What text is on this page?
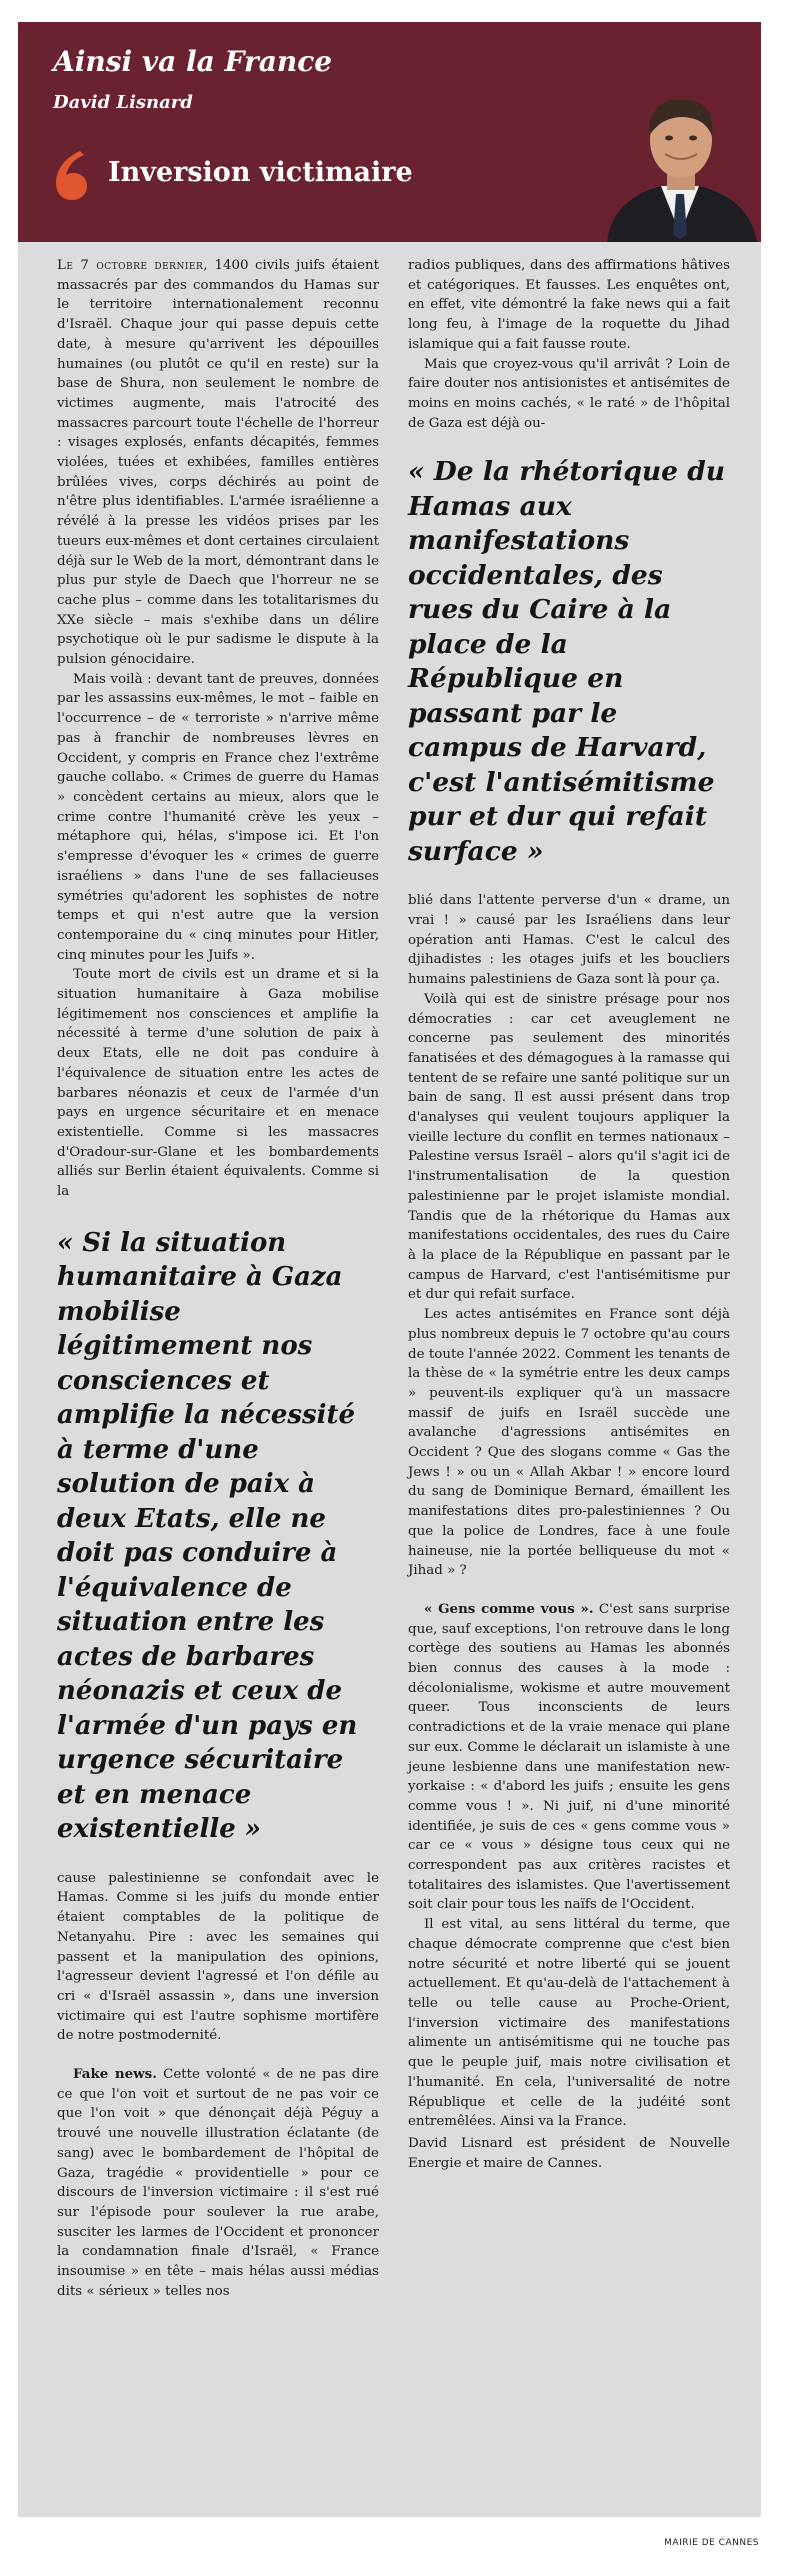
Ainsi va la France
David Lisnard
Inversion victimaire

Le 7 octobre dernier, 1400 civils juifs étaient massacrés par des commandos du Hamas sur le territoire internationalement reconnu d'Israël. Chaque jour qui passe depuis cette date, à mesure qu'arrivent les dépouilles humaines (ou plutôt ce qu'il en reste) sur la base de Shura, non seulement le nombre de victimes augmente, mais l'atrocité des massacres parcourt toute l'échelle de l'horreur : visages explosés, enfants décapités, femmes violées, tuées et exhibées, familles entières brûlées vives, corps déchirés au point de n'être plus identifiables. L'armée israélienne a révélé à la presse les vidéos prises par les tueurs eux-mêmes et dont certaines circulaient déjà sur le Web de la mort, démontrant dans le plus pur style de Daech que l'horreur ne se cache plus – comme dans les totalitarismes du XXe siècle – mais s'exhibe dans un délire psychotique où le pur sadisme le dispute à la pulsion génocidaire.

Mais voilà : devant tant de preuves, données par les assassins eux-mêmes, le mot – faible en l'occurrence – de « terroriste » n'arrive même pas à franchir de nombreuses lèvres en Occident, y compris en France chez l'extrême gauche collabo. « Crimes de guerre du Hamas » concèdent certains au mieux, alors que le crime contre l'humanité crève les yeux – métaphore qui, hélas, s'impose ici. Et l'on s'empresse d'évoquer les « crimes de guerre israéliens » dans l'une de ses fallacieuses symétries qu'adorent les sophistes de notre temps et qui n'est autre que la version contemporaine du « cinq minutes pour Hitler, cinq minutes pour les Juifs ».

Toute mort de civils est un drame et si la situation humanitaire à Gaza mobilise légitimement nos consciences et amplifie la nécessité à terme d'une solution de paix à deux Etats, elle ne doit pas conduire à l'équivalence de situation entre les actes de barbares néonazis et ceux de l'armée d'un pays en urgence sécuritaire et en menace existentielle. Comme si les massacres d'Oradour-sur-Glane et les bombardements alliés sur Berlin étaient équivalents. Comme si la

« Si la situation humanitaire à Gaza mobilise légitimement nos consciences et amplifie la nécessité à terme d'une solution de paix à deux Etats, elle ne doit pas conduire à l'équivalence de situation entre les actes de barbares néonazis et ceux de l'armée d'un pays en urgence sécuritaire et en menace existentielle »

cause palestinienne se confondait avec le Hamas. Comme si les juifs du monde entier étaient comptables de la politique de Netanyahu. Pire : avec les semaines qui passent et la manipulation des opinions, l'agresseur devient l'agressé et l'on défile au cri « d'Israël assassin », dans une inversion victimaire qui est l'autre sophisme mortifère de notre postmodernité.

Fake news. Cette volonté « de ne pas dire ce que l'on voit et surtout de ne pas voir ce que l'on voit » que dénonçait déjà Péguy a trouvé une nouvelle illustration éclatante (de sang) avec le bombardement de l'hôpital de Gaza, tragédie « providentielle » pour ce discours de l'inversion victimaire : il s'est rué sur l'épisode pour soulever la rue arabe, susciter les larmes de l'Occident et prononcer la condamnation finale d'Israël, « France insoumise » en tête – mais hélas aussi médias dits « sérieux » telles nos

radios publiques, dans des affirmations hâtives et catégoriques. Et fausses. Les enquêtes ont, en effet, vite démontré la fake news qui a fait long feu, à l'image de la roquette du Jihad islamique qui a fait fausse route.

Mais que croyez-vous qu'il arrivât ? Loin de faire douter nos antisionistes et antisémites de moins en moins cachés, « le raté » de l'hôpital de Gaza est déjà ou-

« De la rhétorique du Hamas aux manifestations occidentales, des rues du Caire à la place de la République en passant par le campus de Harvard, c'est l'antisémitisme pur et dur qui refait surface »

blié dans l'attente perverse d'un « drame, un vrai ! » causé par les Israéliens dans leur opération anti Hamas. C'est le calcul des djihadistes : les otages juifs et les boucliers humains palestiniens de Gaza sont là pour ça.

Voilà qui est de sinistre présage pour nos démocraties : car cet aveuglement ne concerne pas seulement des minorités fanatisées et des démagogues à la ramasse qui tentent de se refaire une santé politique sur un bain de sang. Il est aussi présent dans trop d'analyses qui veulent toujours appliquer la vieille lecture du conflit en termes nationaux – Palestine versus Israël – alors qu'il s'agit ici de l'instrumentalisation de la question palestinienne par le projet islamiste mondial. Tandis que de la rhétorique du Hamas aux manifestations occidentales, des rues du Caire à la place de la République en passant par le campus de Harvard, c'est l'antisémitisme pur et dur qui refait surface.

Les actes antisémites en France sont déjà plus nombreux depuis le 7 octobre qu'au cours de toute l'année 2022. Comment les tenants de la thèse de « la symétrie entre les deux camps » peuvent-ils expliquer qu'à un massacre massif de juifs en Israël succède une avalanche d'agressions antisémites en Occident ? Que des slogans comme « Gas the Jews ! » ou un « Allah Akbar ! » encore lourd du sang de Dominique Bernard, émaillent les manifestations dites pro-palestiniennes ? Ou que la police de Londres, face à une foule haineuse, nie la portée belliqueuse du mot « Jihad » ?

« Gens comme vous ». C'est sans surprise que, sauf exceptions, l'on retrouve dans le long cortège des soutiens au Hamas les abonnés bien connus des causes à la mode : décolonialisme, wokisme et autre mouvement queer. Tous inconscients de leurs contradictions et de la vraie menace qui plane sur eux. Comme le déclarait un islamiste à une jeune lesbienne dans une manifestation new-yorkaise : « d'abord les juifs ; ensuite les gens comme vous ! ». Ni juif, ni d'une minorité identifiée, je suis de ces « gens comme vous » car ce « vous » désigne tous ceux qui ne correspondent pas aux critères racistes et totalitaires des islamistes. Que l'avertissement soit clair pour tous les naïfs de l'Occident.

Il est vital, au sens littéral du terme, que chaque démocrate comprenne que c'est bien notre sécurité et notre liberté qui se jouent actuellement. Et qu'au-delà de l'attachement à telle ou telle cause au Proche-Orient, l'inversion victimaire des manifestations alimente un antisémitisme qui ne touche pas que le peuple juif, mais notre civilisation et l'humanité. En cela, l'universalité de notre République et celle de la judéité sont entremêlées. Ainsi va la France.

David Lisnard est président de Nouvelle Energie et maire de Cannes.

MAIRIE DE CANNES
